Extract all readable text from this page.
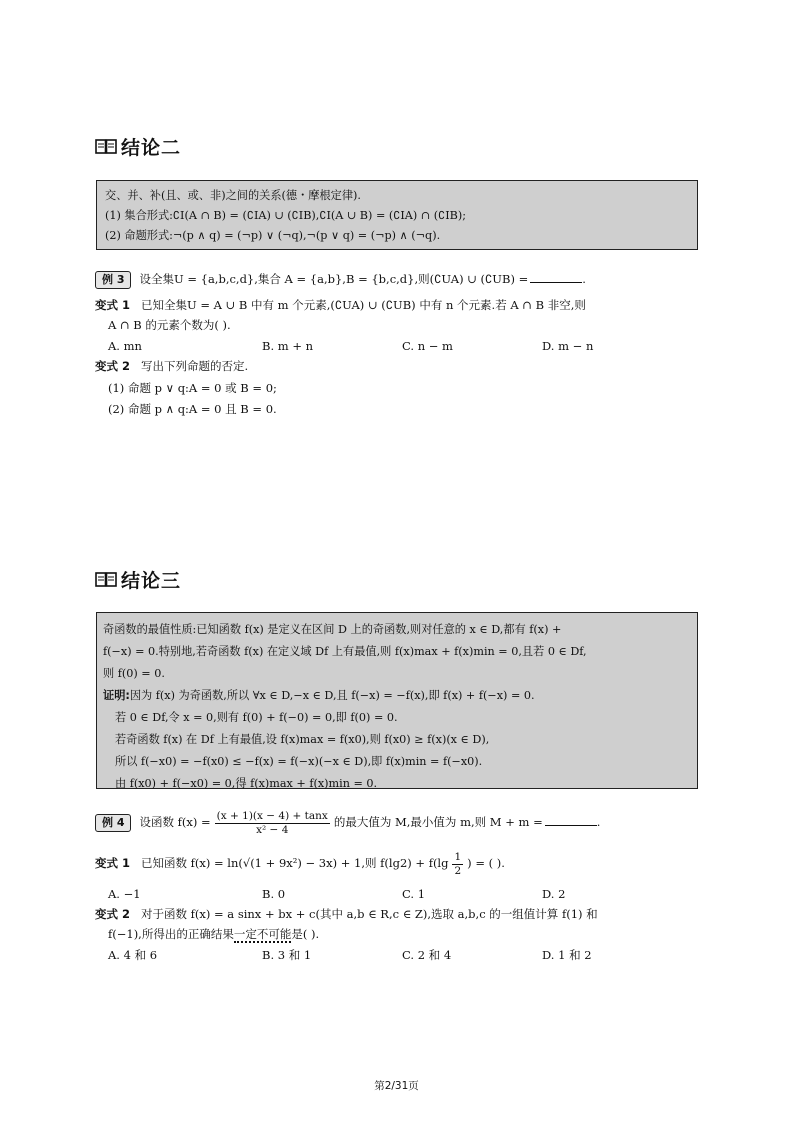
结论二
交、并、补(且、或、非)之间的关系(德・摩根定律).
(1) 集合形式:∁I(A ∩ B) = (∁IA) ∪ (∁IB),∁I(A ∪ B) = (∁IA) ∩ (∁IB);
(2) 命题形式:¬(p ∧ q) = (¬p) ∨ (¬q),¬(p ∨ q) = (¬p) ∧ (¬q).
例 3 设全集U = {a,b,c,d},集合 A = {a,b},B = {b,c,d},则(∁UA) ∪ (∁UB) =	.
变式 1 已知全集U = A ∪ B 中有 m 个元素,(∁UA) ∪ (∁UB) 中有 n 个元素.若 A ∩ B 非空,则
A ∩ B 的元素个数为( ).
A. mn	B. m + n	C. n − m	D. m − n
变式 2 写出下列命题的否定.
(1) 命题 p ∨ q:A = 0 或 B = 0;
(2) 命题 p ∧ q:A = 0 且 B = 0.
结论三
奇函数的最值性质:已知函数 f(x) 是定义在区间 D 上的奇函数,则对任意的 x ∈ D,都有 f(x) +
f(−x) = 0.特别地,若奇函数 f(x) 在定义域 Df 上有最值,则 f(x)max + f(x)min = 0,且若 0 ∈ Df,
则 f(0) = 0.
证明:因为 f(x) 为奇函数,所以 ∀x ∈ D,−x ∈ D,且 f(−x) = −f(x),即 f(x) + f(−x) = 0.
若 0 ∈ Df,令 x = 0,则有 f(0) + f(−0) = 0,即 f(0) = 0.
若奇函数 f(x) 在 Df 上有最值,设 f(x)max = f(x0),则 f(x0) ≥ f(x)(x ∈ D),
所以 f(−x0) = −f(x0) ≤ −f(x) = f(−x)(−x ∈ D),即 f(x)min = f(−x0).
由 f(x0) + f(−x0) = 0,得 f(x)max + f(x)min = 0.
例 4 设函数 $f(x) = \frac{(x + 1)(x - 4) + \tan x}{\text{x² − 4}}$ 的最大值为 M,最小值为 m,则 M + m =	.
变式 1 已知函数 f(x) = ln(√(1 + 9x²) − 3x) + 1,则 $f(\lg 2) + f(\lg \frac{1}{2}$ ) = ( ).
A. −1	B. 0	C. 1	D. 2
变式 2 对于函数 f(x) = a sinx + bx + c(其中 a,b ∈ R,c ∈ Z),选取 a,b,c 的一组值计算 f(1) 和
f(−1),所得出的正确结果一定不可能是( ).
A. 4 和 6	B. 3 和 1	C. 2 和 4	D. 1 和 2
第2/31页
